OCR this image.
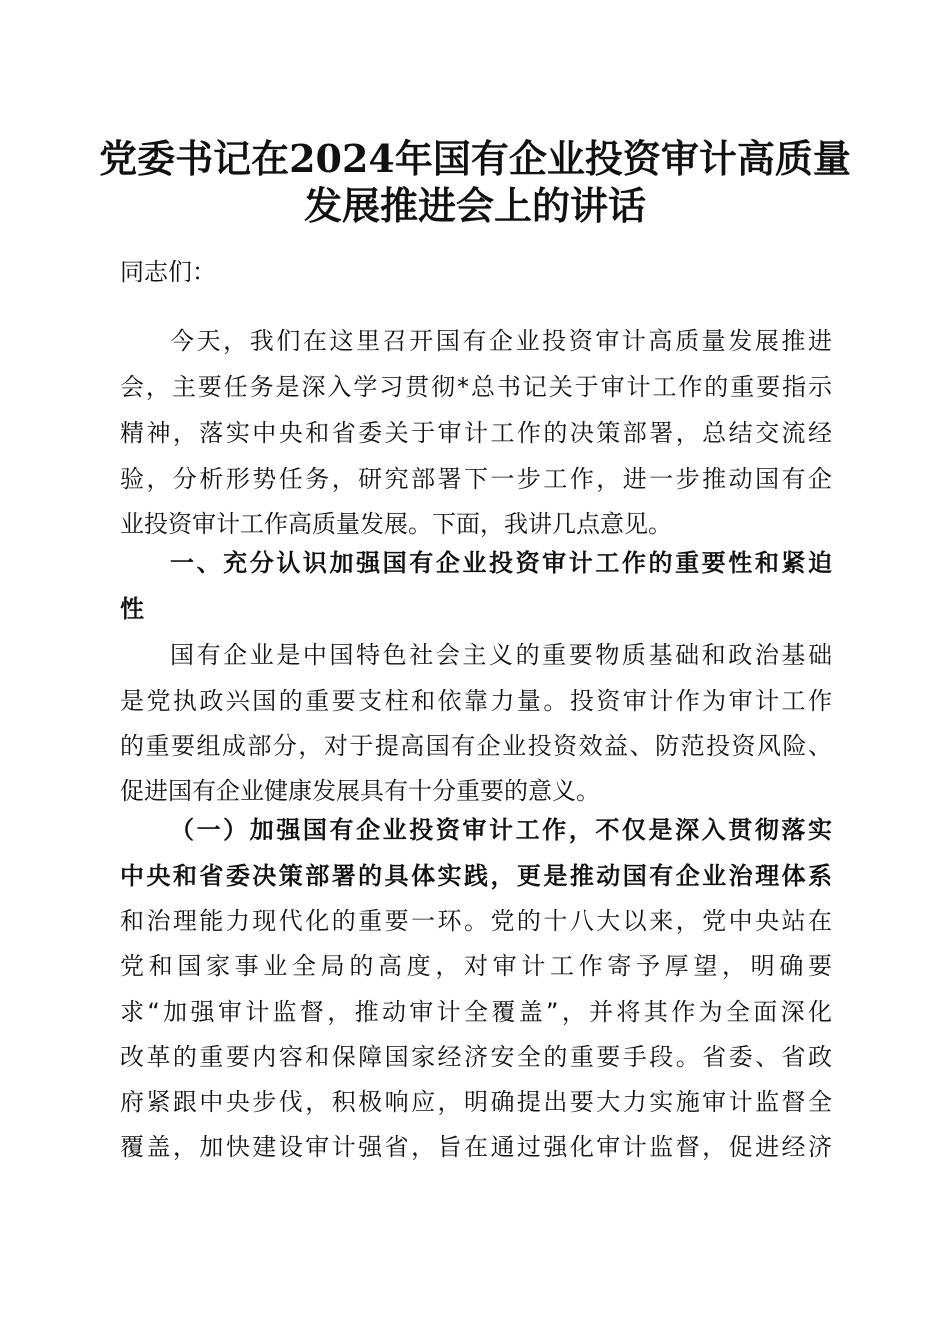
党委书记在2024年国有企业投资审计高质量
发展推进会上的讲话
同志们：
今天，我们在这里召开国有企业投资审计高质量发展推进
会，主要任务是深入学习贯彻*总书记关于审计工作的重要指示
精神，落实中央和省委关于审计工作的决策部署，总结交流经
验，分析形势任务，研究部署下一步工作，进一步推动国有企
业投资审计工作高质量发展。下面，我讲几点意见。
一、充分认识加强国有企业投资审计工作的重要性和紧迫
性
国有企业是中国特色社会主义的重要物质基础和政治基础
是党执政兴国的重要支柱和依靠力量。投资审计作为审计工作
的重要组成部分，对于提高国有企业投资效益、防范投资风险、
促进国有企业健康发展具有十分重要的意义。
（一）加强国有企业投资审计工作，不仅是深入贯彻落实
中央和省委决策部署的具体实践，更是推动国有企业治理体系
和治理能力现代化的重要一环。党的十八大以来，党中央站在
党和国家事业全局的高度，对审计工作寄予厚望，明确要
求“加强审计监督，推动审计全覆盖”，并将其作为全面深化
改革的重要内容和保障国家经济安全的重要手段。省委、省政
府紧跟中央步伐，积极响应，明确提出要大力实施审计监督全
覆盖，加快建设审计强省，旨在通过强化审计监督，促进经济
